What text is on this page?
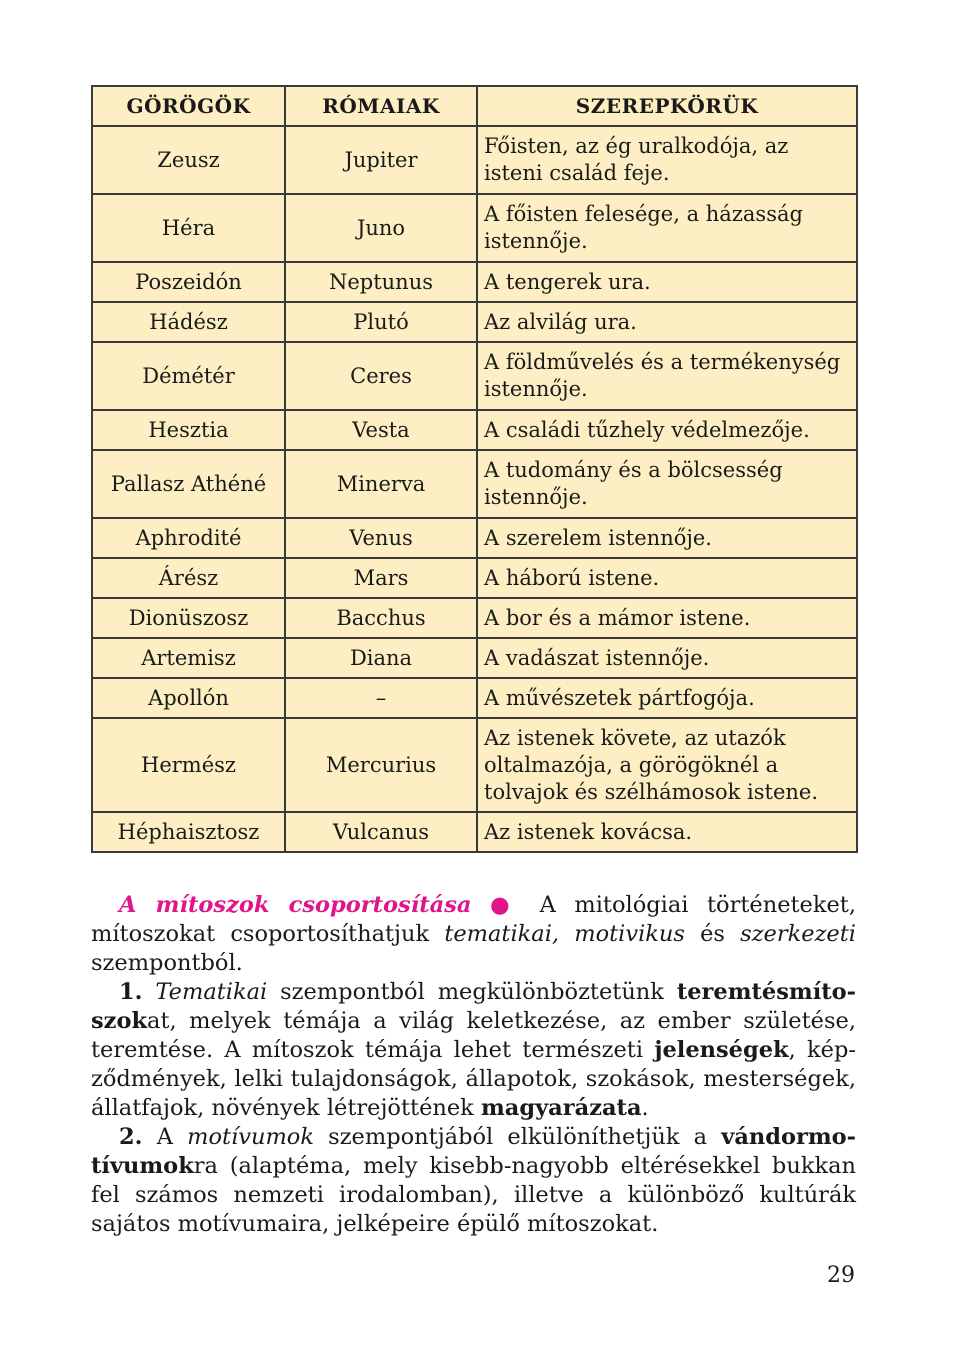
GÖRÖGÖK	RÓMAIAK	SZEREPKÖRÜK
Zeusz	Jupiter	Főisten, az ég uralkodója, az isteni család feje.
Héra	Juno	A főisten felesége, a házasság istennője.
Poszeidón	Neptunus	A tengerek ura.
Hádész	Plutó	Az alvilág ura.
Démétér	Ceres	A földművelés és a termékenység istennője.
Hesztia	Vesta	A családi tűzhely védelmezője.
Pallasz Athéné	Minerva	A tudomány és a bölcsesség istennője.
Aphrodité	Venus	A szerelem istennője.
Árész	Mars	A háború istene.
Dionüszosz	Bacchus	A bor és a mámor istene.
Artemisz	Diana	A vadászat istennője.
Apollón	–	A művészetek pártfogója.
Hermész	Mercurius	Az istenek követe, az utazók oltalmazója, a görögöknél a tolvajok és szélhámosok istene.
Héphaisztosz	Vulcanus	Az istenek kovácsa.

A mítoszok csoportosítása ● A mitológiai történeteket, mítoszokat csoportosíthatjuk tematikai, motivikus és szerkezeti szempontból.

1. Tematikai szempontból megkülönböztetünk teremtésmítoszokat, melyek témája a világ keletkezése, az ember születése, teremtése. A mítoszok témája lehet természeti jelenségek, képződmények, lelki tulajdonságok, állapotok, szokások, mesterségek, állatfajok, növények létrejöttének magyarázata.

2. A motívumok szempontjából elkülöníthetjük a vándormotívumokra (alaptéma, mely kisebb-nagyobb eltérésekkel bukkan fel számos nemzeti irodalomban), illetve a különböző kultúrák sajátos motívumaira, jelképeire épülő mítoszokat.

29
